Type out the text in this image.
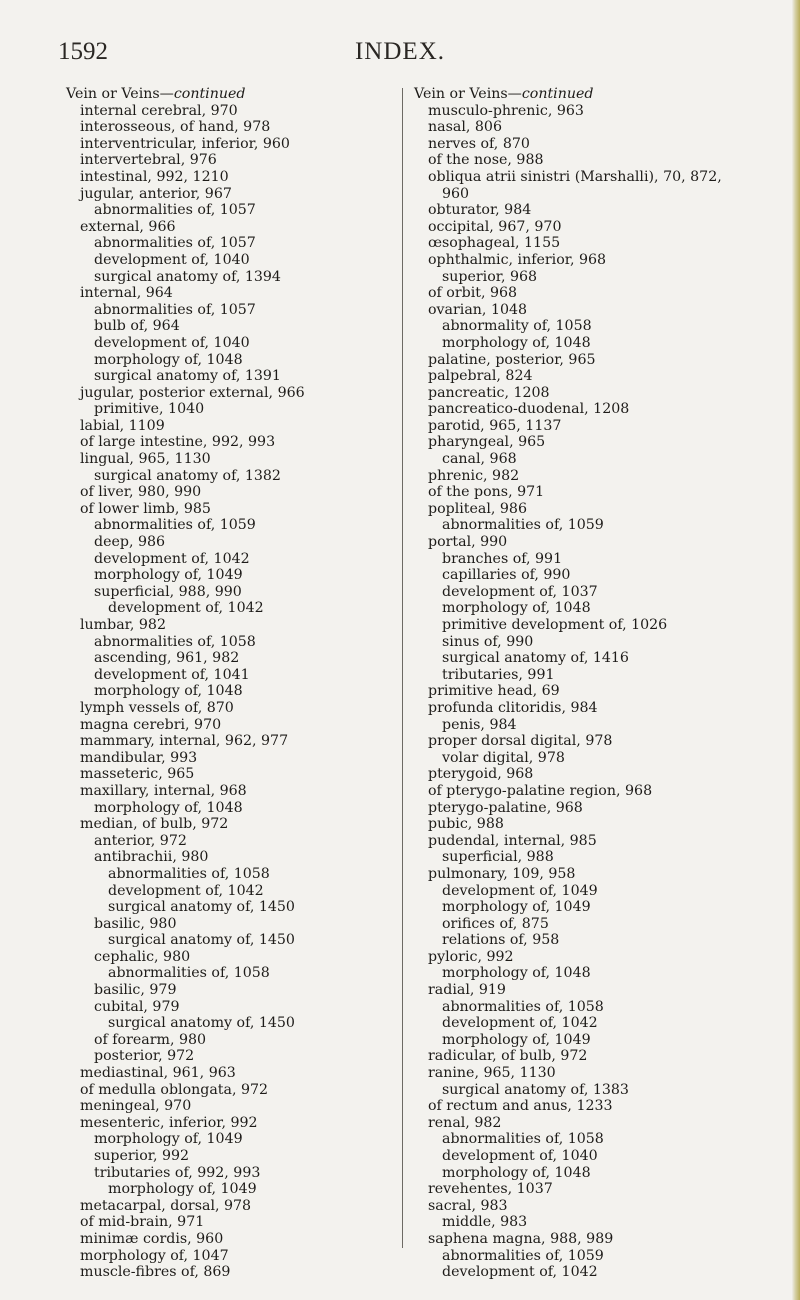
1592	INDEX.
Vein or Veins—continued
internal cerebral, 970
interosseous, of hand, 978
interventricular, inferior, 960
intervertebral, 976
intestinal, 992, 1210
jugular, anterior, 967
abnormalities of, 1057
external, 966
abnormalities of, 1057
development of, 1040
surgical anatomy of, 1394
internal, 964
abnormalities of, 1057
bulb of, 964
development of, 1040
morphology of, 1048
surgical anatomy of, 1391
jugular, posterior external, 966
primitive, 1040
labial, 1109
of large intestine, 992, 993
lingual, 965, 1130
surgical anatomy of, 1382
of liver, 980, 990
of lower limb, 985
abnormalities of, 1059
deep, 986
development of, 1042
morphology of, 1049
superficial, 988, 990
development of, 1042
lumbar, 982
abnormalities of, 1058
ascending, 961, 982
development of, 1041
morphology of, 1048
lymph vessels of, 870
magna cerebri, 970
mammary, internal, 962, 977
mandibular, 993
masseteric, 965
maxillary, internal, 968
morphology of, 1048
median, of bulb, 972
anterior, 972
antibrachii, 980
abnormalities of, 1058
development of, 1042
surgical anatomy of, 1450
basilic, 980
surgical anatomy of, 1450
cephalic, 980
abnormalities of, 1058
basilic, 979
cubital, 979
surgical anatomy of, 1450
of forearm, 980
posterior, 972
mediastinal, 961, 963
of medulla oblongata, 972
meningeal, 970
mesenteric, inferior, 992
morphology of, 1049
superior, 992
tributaries of, 992, 993
morphology of, 1049
metacarpal, dorsal, 978
of mid-brain, 971
minimæ cordis, 960
morphology of, 1047
muscle-fibres of, 869
Vein or Veins—continued
musculo-phrenic, 963
nasal, 806
nerves of, 870
of the nose, 988
obliqua atrii sinistri (Marshalli), 70, 872,
960
obturator, 984
occipital, 967, 970
œsophageal, 1155
ophthalmic, inferior, 968
superior, 968
of orbit, 968
ovarian, 1048
abnormality of, 1058
morphology of, 1048
palatine, posterior, 965
palpebral, 824
pancreatic, 1208
pancreatico-duodenal, 1208
parotid, 965, 1137
pharyngeal, 965
canal, 968
phrenic, 982
of the pons, 971
popliteal, 986
abnormalities of, 1059
portal, 990
branches of, 991
capillaries of, 990
development of, 1037
morphology of, 1048
primitive development of, 1026
sinus of, 990
surgical anatomy of, 1416
tributaries, 991
primitive head, 69
profunda clitoridis, 984
penis, 984
proper dorsal digital, 978
volar digital, 978
pterygoid, 968
of pterygo-palatine region, 968
pterygo-palatine, 968
pubic, 988
pudendal, internal, 985
superficial, 988
pulmonary, 109, 958
development of, 1049
morphology of, 1049
orifices of, 875
relations of, 958
pyloric, 992
morphology of, 1048
radial, 919
abnormalities of, 1058
development of, 1042
morphology of, 1049
radicular, of bulb, 972
ranine, 965, 1130
surgical anatomy of, 1383
of rectum and anus, 1233
renal, 982
abnormalities of, 1058
development of, 1040
morphology of, 1048
revehentes, 1037
sacral, 983
middle, 983
saphena magna, 988, 989
abnormalities of, 1059
development of, 1042
